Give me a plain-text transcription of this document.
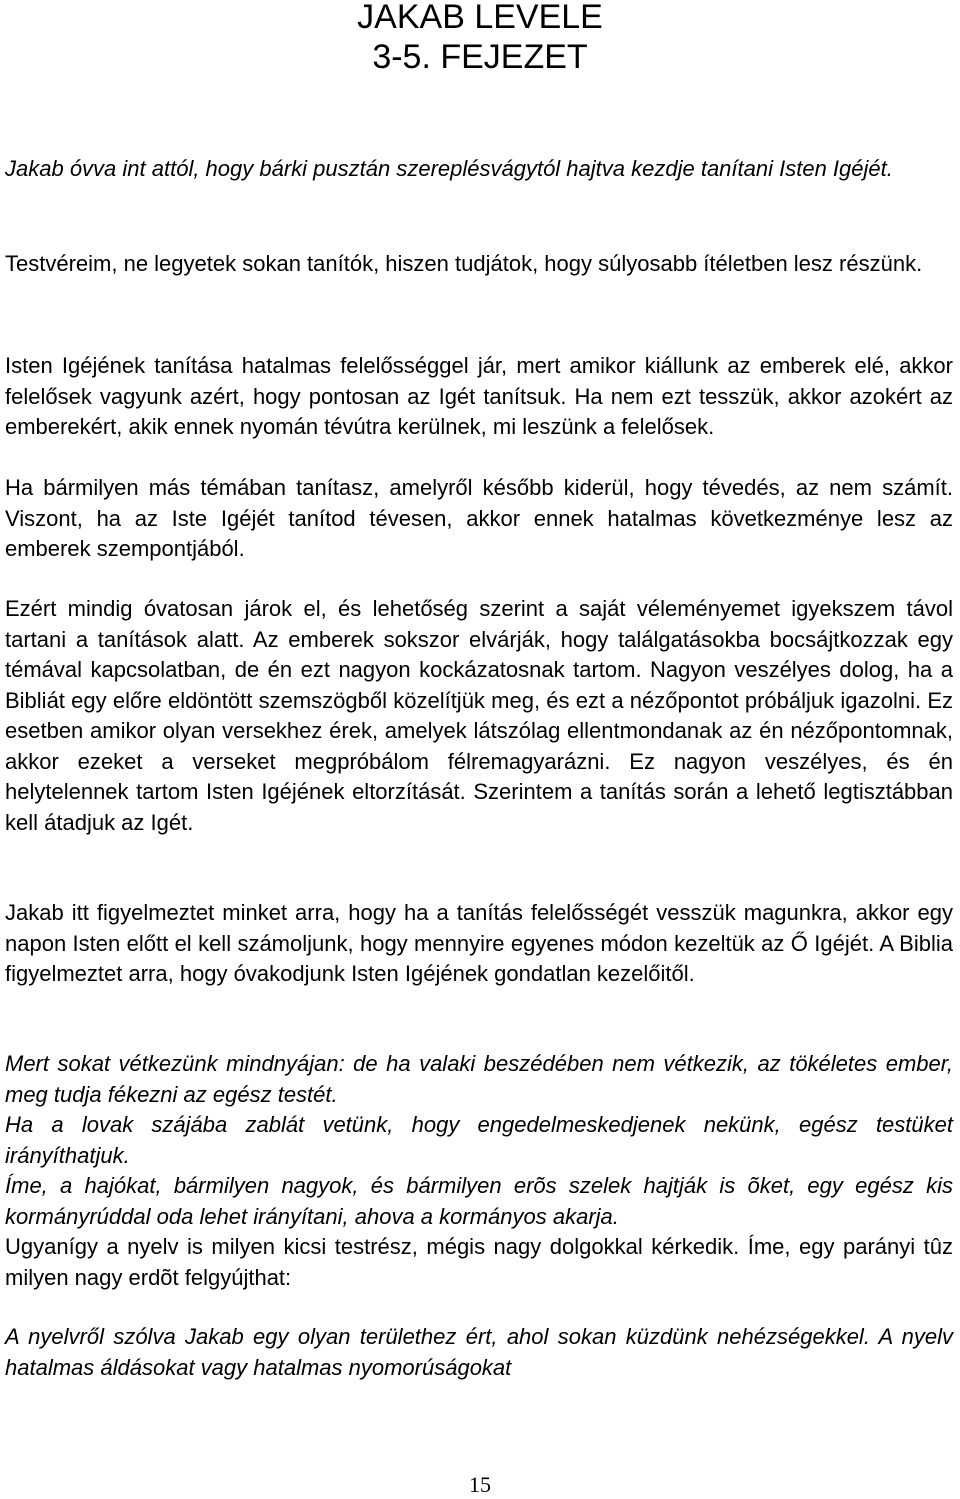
JAKAB LEVELE
3-5. FEJEZET

Jakab óvva int attól, hogy bárki pusztán szereplésvágytól hajtva kezdje tanítani Isten Igéjét.

Testvéreim, ne legyetek sokan tanítók, hiszen tudjátok, hogy súlyosabb ítéletben lesz részünk.

Isten Igéjének tanítása hatalmas felelősséggel jár, mert amikor kiállunk az emberek elé, akkor felelősek vagyunk azért, hogy pontosan az Igét tanítsuk. Ha nem ezt tesszük, akkor azokért az emberekért, akik ennek nyomán tévútra kerülnek, mi leszünk a felelősek.

Ha bármilyen más témában tanítasz, amelyről később kiderül, hogy tévedés, az nem számít. Viszont, ha az Iste Igéjét tanítod tévesen, akkor ennek hatalmas következménye lesz az emberek szempontjából.

Ezért mindig óvatosan járok el, és lehetőség szerint a saját véleményemet igyekszem távol tartani a tanítások alatt. Az emberek sokszor elvárják, hogy találgatásokba bocsájtkozzak egy témával kapcsolatban, de én ezt nagyon kockázatosnak tartom. Nagyon veszélyes dolog, ha a Bibliát egy előre eldöntött szemszögből közelítjük meg, és ezt a nézőpontot próbáljuk igazolni. Ez esetben amikor olyan versekhez érek, amelyek látszólag ellentmondanak az én nézőpontomnak, akkor ezeket a verseket megpróbálom félremagyarázni. Ez nagyon veszélyes, és én helytelennek tartom Isten Igéjének eltorzítását. Szerintem a tanítás során a lehető legtisztábban kell átadjuk az Igét.

Jakab itt figyelmeztet minket arra, hogy ha a tanítás felelősségét vesszük magunkra, akkor egy napon Isten előtt el kell számoljunk, hogy mennyire egyenes módon kezeltük az Ő Igéjét. A Biblia figyelmeztet arra, hogy óvakodjunk Isten Igéjének gondatlan kezelőitől.

Mert sokat vétkezünk mindnyájan: de ha valaki beszédében nem vétkezik, az tökéletes ember, meg tudja fékezni az egész testét.

Ha a lovak szájába zablát vetünk, hogy engedelmeskedjenek nekünk, egész testüket irányíthatjuk.

Íme, a hajókat, bármilyen nagyok, és bármilyen erõs szelek hajtják is õket, egy egész kis kormányrúddal oda lehet irányítani, ahova a kormányos akarja.

Ugyanígy a nyelv is milyen kicsi testrész, mégis nagy dolgokkal kérkedik. Íme, egy parányi tûz milyen nagy erdõt felgyújthat:

A nyelvről szólva Jakab egy olyan területhez ért, ahol sokan küzdünk nehézségekkel. A nyelv hatalmas áldásokat vagy hatalmas nyomorúságokat

15
